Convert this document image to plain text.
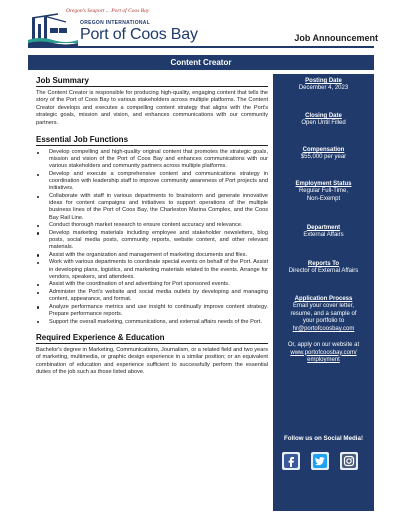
Oregon's Seaport ... Port of Coos Bay
OREGON INTERNATIONAL
Port of Coos Bay	Job Announcement
Content Creator
Job Summary

The Content Creator is responsible for producing high-quality, engaging content that tells the story of the Port of Coos Bay to various stakeholders across multiple platforms. The Content Creator develops and executes a compelling content strategy that aligns with the Port's strategic goals, mission and vision, and enhances communications with our community partners.

Essential Job Functions
Develop compelling and high-quality original content that promotes the strategic goals, mission and vision of the Port of Coos Bay and enhances communications with our various stakeholders and community partners across multiple platforms.
Develop and execute a comprehensive content and communications strategy in coordination with leadership staff to improve community awareness of Port projects and initiatives.
Collaborate with staff in various departments to brainstorm and generate innovative ideas for content campaigns and initiatives to support operations of the multiple business lines of the Port of Coos Bay, the Charleston Marina Complex, and the Coos Bay Rail Line.
Conduct thorough market research to ensure content accuracy and relevance.
Develop marketing materials including employee and stakeholder newsletters, blog posts, social media posts, community reports, website content, and other relevant materials.
Assist with the organization and management of marketing documents and files.
Work with various departments to coordinate special events on behalf of the Port. Assist in developing plans, logistics, and marketing materials related to the events. Arrange for vendors, speakers, and attendees.
Assist with the coordination of and advertising for Port sponsored events.
Administer the Port's website and social media outlets by developing and managing content, appearance, and format.
Analyze performance metrics and use insight to continually improve content strategy. Prepare performance reports.
Support the overall marketing, communications, and external affairs needs of the Port.
Required Experience & Education

Bachelor's degree in Marketing, Communications, Journalism, or a related field and two years of marketing, multimedia, or graphic design experience in a similar position; or an equivalent combination of education and experience sufficient to successfully perform the essential duties of the job such as those listed above.

Posting Date
December 4, 2023
Closing Date
Open Until Filled
Compensation
$55,000 per year
Employment Status
Regular Full-Time,
Non-Exempt
Department
External Affairs
Reports To
Director of External Affairs
Application Process
Email your cover letter,
resume, and a sample of
your portfolio to
hr@portofcoosbay.com
Or, apply on our website at
www.portofcoosbay.com/
employment
Follow us on Social Media!
